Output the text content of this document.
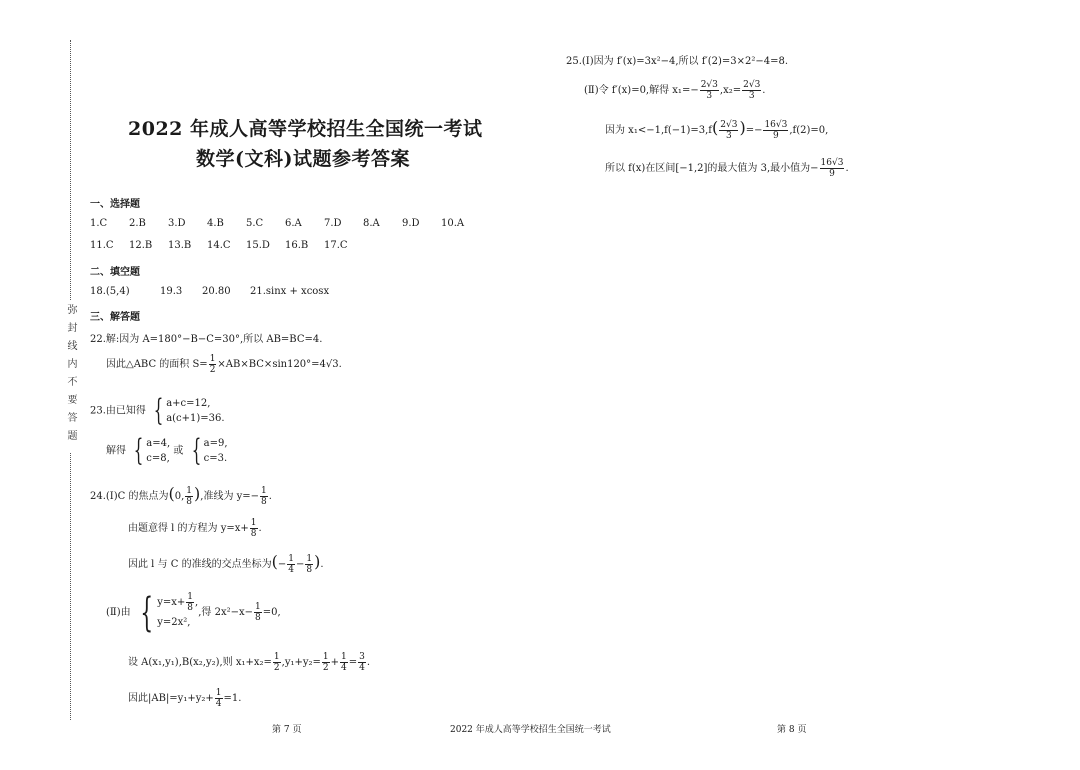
弥封线内不要答题
2022 年成人高等学校招生全国统一考试
数学(文科)试题参考答案
一、选择题
1.C 2.B 3.D 4.B 5.C 6.A 7.D 8.A 9.D 10.A
11.C 12.B 13.B 14.C 15.D 16.B 17.C
二、填空题
18.(5,4)	19.3 20.80 21.sinx + xcosx
三、解答题
22.解:因为 A=180°−B−C=30°,所以 AB=BC=4.
因此△ABC 的面积 $S= \frac{1}{2} \times AB\times BC\times\sin 120^\circ=4√3$.
23.由已知得 { a+c=12,
a(c+1)=36.
解得 { a=4,
c=8,
或 { a=9,
c=3.
24.(Ⅰ)C 的焦点为(0, $\frac{1}{8}$ ),准线为 $y=- \frac{1}{8}$ .
由题意得 l 的方程为 $y=x+ \frac{1}{8}$ .
因此 l 与 C 的准线的交点坐标为(− $\frac{1}{4} - \frac{1}{8}$ ).
(Ⅱ)由 { $y=x+ \frac{1}{8}$ ,
y=2x²,
,得 $2x^2-x- \frac{1}{8} =0$,
设 A(x₁,y₁),B(x₂,y₂),则 $x_1+x_2= \frac{1}{2} ,y_1+y_2= \frac{1}{2} + \frac{1}{4} = \frac{3}{4}$ .
因此$|AB|=y_1+y_2+ \frac{1}{4} =1$.
25.(Ⅰ)因为 f′(x)=3x²−4,所以 f′(2)=3×2²−4=8.
(Ⅱ)令 f′(x)=0,解得 $x_1=- \frac{2√3}{3} ,x_2= \frac{2√3}{3}$ .
因为 $x_1<-1,f(-1)=3,f( \frac{2√3}{3}$ )=− $\frac{16√3}{9} ,f(2)=0$,
所以 f(x)在区间[−1,2]的最大值为 3,最小值为− $\frac{16√3}{9}$ .
第 7 页	2022 年成人高等学校招生全国统一考试	第 8 页
